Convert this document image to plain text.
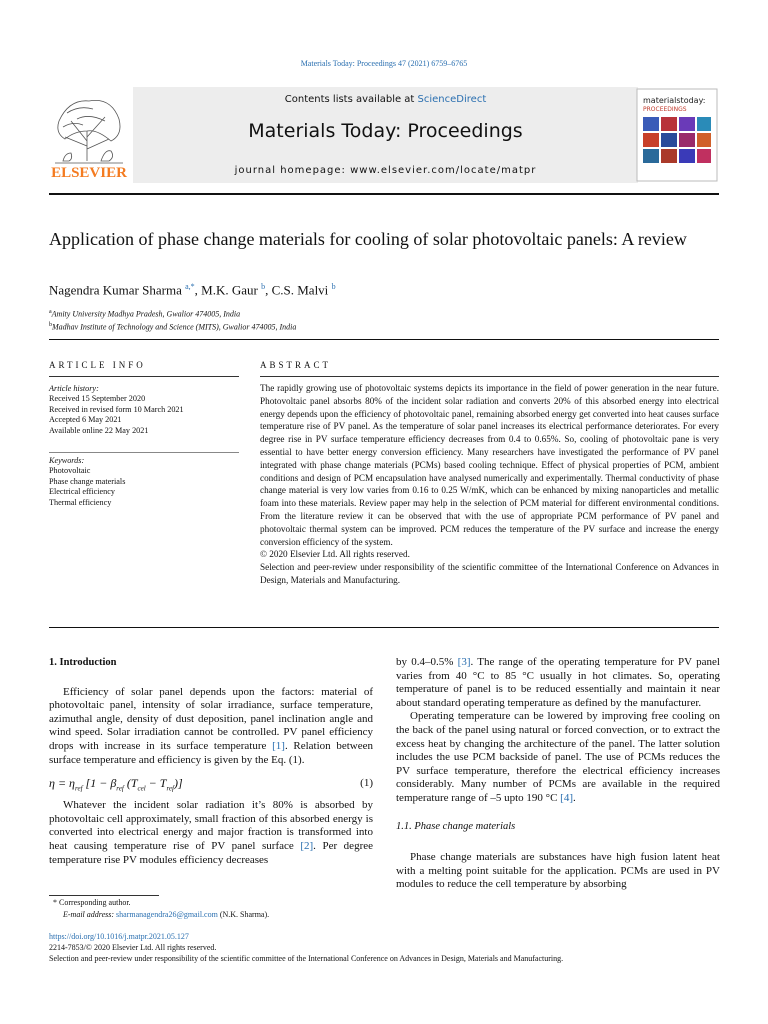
Materials Today: Proceedings 47 (2021) 6759–6765
ELSEVIER
Contents lists available at ScienceDirect
Materials Today: Proceedings
journal homepage: www.elsevier.com/locate/matpr
materialstoday:
PROCEEDINGS
Application of phase change materials for cooling of solar photovoltaic panels: A review
Nagendra Kumar Sharma $^{a,*}$, M.K. Gaur $^b$, C.S. Malvi $^b$
$^a$Amity University Madhya Pradesh, Gwalior 474005, India
$^b$Madhav Institute of Technology and Science (MITS), Gwalior 474005, India
ARTICLE INFO
Article history:
Received 15 September 2020
Received in revised form 10 March 2021
Accepted 6 May 2021
Available online 22 May 2021
Keywords:
Photovoltaic
Phase change materials
Electrical efficiency
Thermal efficiency
ABSTRACT
The rapidly growing use of photovoltaic systems depicts its importance in the field of power generation in the near future. Photovoltaic panel absorbs 80% of the incident solar radiation and converts 20% of this absorbed energy into electrical energy depends upon the efficiency of photovoltaic panel, remaining absorbed energy get converted into heat causes surface temperature rise of PV panel. As the temperature of solar panel increases its electrical performance deteriorates. For every degree rise in PV surface temperature efficiency decreases from 0.4 to 0.65%. So, cooling of photovoltaic pane is very essential to have better energy conversion efficiency. Many researchers have investigated the performance of PV panel integrated with phase change materials (PCMs) based cooling technique. Effect of physical properties of PCM, ambient conditions and design of PCM encapsulation have analysed numerically and experimentally. Thermal conductivity of phase change material is very low varies from 0.16 to 0.25 W/mK, which can be enhanced by mixing nanoparticles and metallic foam into these materials. Review paper may help in the selection of PCM material for different environmental conditions. From the literature review it can be observed that with the use of appropriate PCM performance of PV panel and photovoltaic thermal system can be improved. PCM reduces the temperature of the PV surface and increase the energy conversion efficiency of the system.
© 2020 Elsevier Ltd. All rights reserved.
Selection and peer-review under responsibility of the scientific committee of the International Conference on Advances in Design, Materials and Manufacturing.
1. Introduction

Efficiency of solar panel depends upon the factors: material of photovoltaic panel, intensity of solar irradiance, surface temperature, azimuthal angle, density of dust deposition, panel inclination angle and wind speed. Solar irradiation cannot be controlled. PV panel efficiency drops with increase in its surface temperature [1]. Relation between surface temperature and efficiency is given by the Eq. (1).

$\eta = \eta_{ref}$ [$1 - \beta_{ref}$ $(T_{cel} - T_{ref})$]	(1)

Whatever the incident solar radiation it’s 80% is absorbed by photovoltaic cell approximately, small fraction of this absorbed energy is converted into electrical energy and major fraction is transformed into heat causing temperature rise of PV panel surface [2]. Per degree temperature rise PV modules efficiency decreases

by 0.4–0.5% [3]. The range of the operating temperature for PV panel varies from 40 °C to 85 °C usually in hot climates. So, operating temperature of panel is to be reduced essentially and maintain it near about standard operating temperature as defined by the manufacturer.

Operating temperature can be lowered by improving free cooling on the back of the panel using natural or forced convection, or to extract the excess heat by changing the architecture of the panel. The latter solution includes the use PCM backside of panel. The use of PCMs reduces the PV surface temperature, therefore the electrical efficiency increases considerably. Many number of PCMs are available in the required temperature range of –5 upto 190 °C [4].

1.1. Phase change materials

Phase change materials are substances have high fusion latent heat with a melting point suitable for the application. PCMs are used in PV modules to reduce the cell temperature by absorbing

* Corresponding author.
E-mail address: sharmanagendra26@gmail.com (N.K. Sharma).
https://doi.org/10.1016/j.matpr.2021.05.127
2214-7853/© 2020 Elsevier Ltd. All rights reserved.
Selection and peer-review under responsibility of the scientific committee of the International Conference on Advances in Design, Materials and Manufacturing.
